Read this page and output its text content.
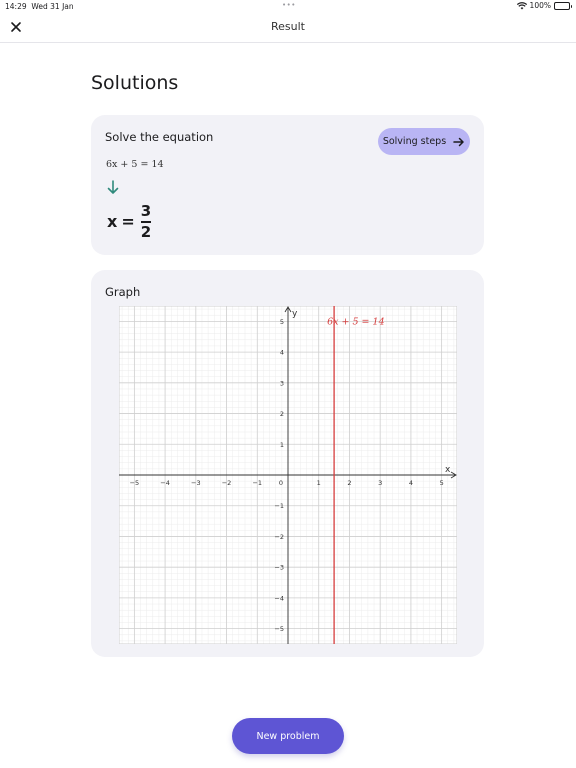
14:29 Wed 31 Jan	•••	100%
Result
Solutions
Solve the equation	Solving steps
6x + 5 = 14
$x = \frac{3}{2}$
Graph
x
y
−5	−4	−3	−2	−1	0	1	2	3	4	5
−5
−4
−3
−2
−1
1
2
3
4
5	6x + 5 = 14
New problem
